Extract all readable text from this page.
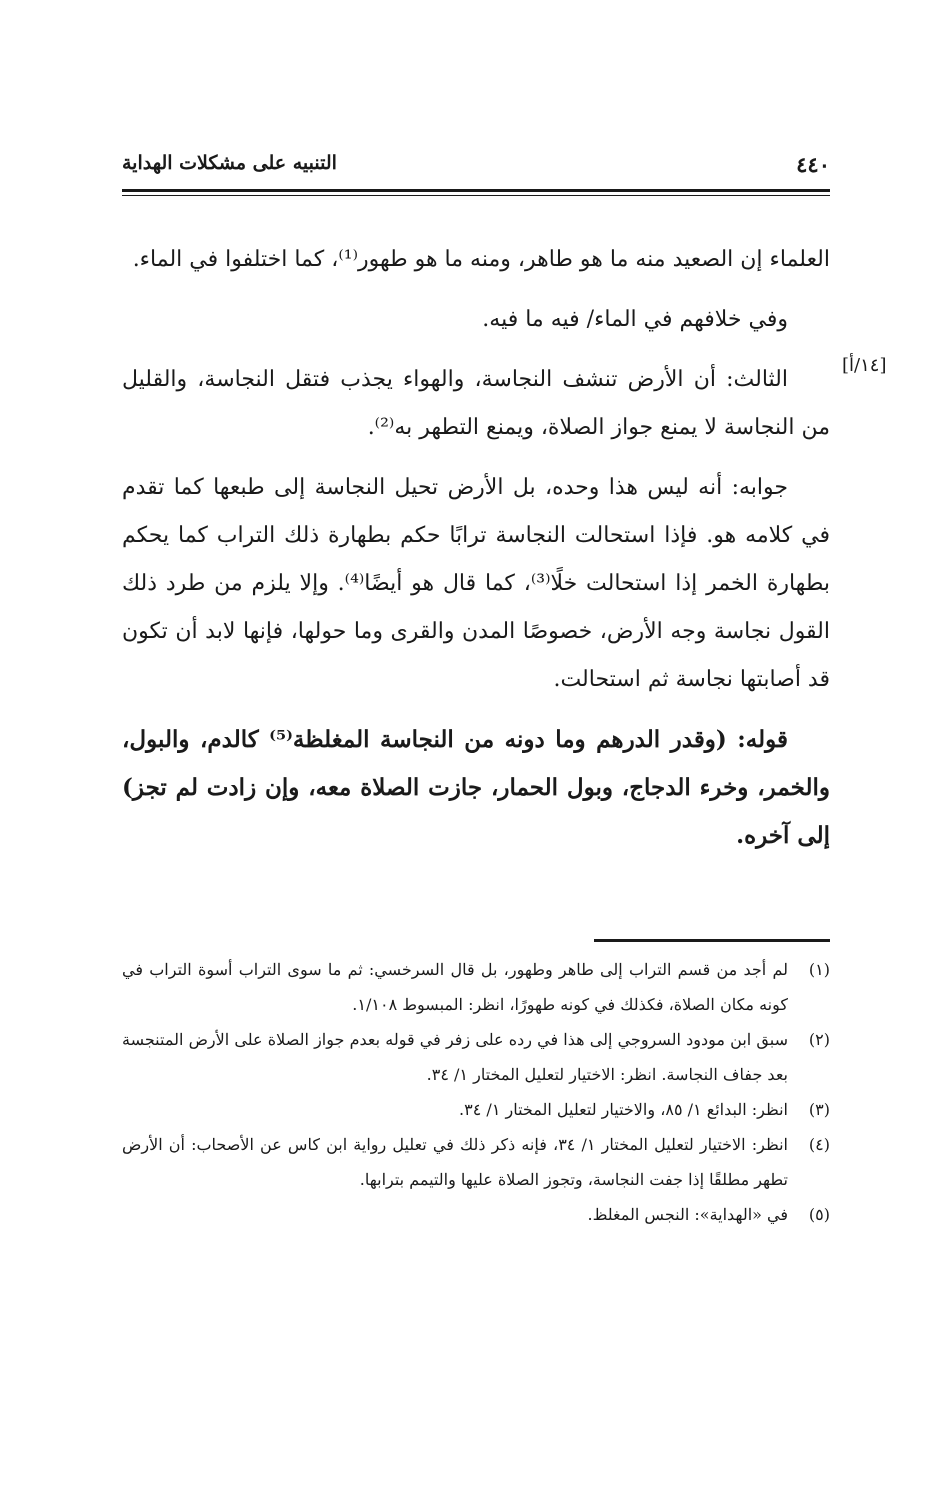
٤٤٠
التنبيه على مشكلات الهداية
[١٤/أ]

العلماء إن الصعيد منه ما هو طاهر، ومنه ما هو طهور⁽¹⁾، كما اختلفوا في الماء.

وفي خلافهم في الماء/ فيه ما فيه.

الثالث: أن الأرض تنشف النجاسة، والهواء يجذب فتقل النجاسة، والقليل من النجاسة لا يمنع جواز الصلاة، ويمنع التطهر به⁽²⁾.

جوابه: أنه ليس هذا وحده، بل الأرض تحيل النجاسة إلى طبعها كما تقدم في كلامه هو. فإذا استحالت النجاسة ترابًا حكم بطهارة ذلك التراب كما يحكم بطهارة الخمر إذا استحالت خلًا⁽³⁾، كما قال هو أيضًا⁽⁴⁾. وإلا يلزم من طرد ذلك القول نجاسة وجه الأرض، خصوصًا المدن والقرى وما حولها، فإنها لابد أن تكون قد أصابتها نجاسة ثم استحالت.

قوله: (وقدر الدرهم وما دونه من النجاسة المغلظة⁽⁵⁾ كالدم، والبول، والخمر، وخرء الدجاج، وبول الحمار، جازت الصلاة معه، وإن زادت لم تجز) إلى آخره.

(١)
لم أجد من قسم التراب إلى طاهر وطهور، بل قال السرخسي: ثم ما سوى التراب أسوة التراب في كونه مكان الصلاة، فكذلك في كونه طهورًا، انظر: المبسوط ١/١٠٨.
(٢)
سبق ابن مودود السروجي إلى هذا في رده على زفر في قوله بعدم جواز الصلاة على الأرض المتنجسة بعد جفاف النجاسة. انظر: الاختيار لتعليل المختار ١/ ٣٤.
(٣)
انظر: البدائع ١/ ٨٥، والاختيار لتعليل المختار ١/ ٣٤.
(٤)
انظر: الاختيار لتعليل المختار ١/ ٣٤، فإنه ذكر ذلك في تعليل رواية ابن كاس عن الأصحاب: أن الأرض تطهر مطلقًا إذا جفت النجاسة، وتجوز الصلاة عليها والتيمم بترابها.
(٥)
في «الهداية»: النجس المغلظ.
